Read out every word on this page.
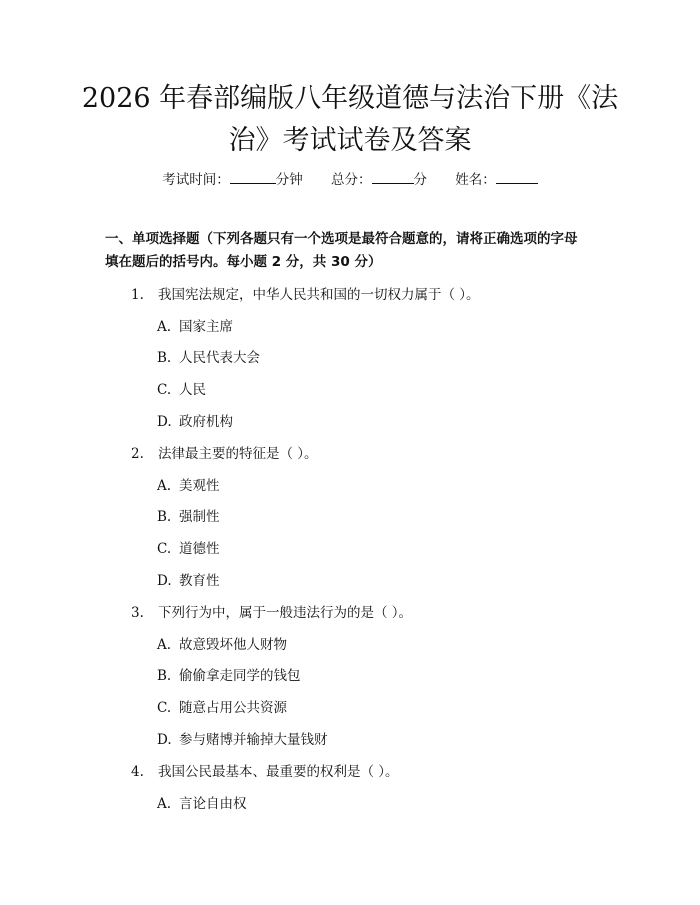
2026 年春部编版八年级道德与法治下册《法
治》考试试卷及答案
考试时间：	分钟 总分：	分 姓名：
一、单项选择题（下列各题只有一个选项是最符合题意的，请将正确选项的字母
填在题后的括号内。每小题 2 分，共 30 分）
1. 我国宪法规定，中华人民共和国的一切权力属于（ ）。
A. 国家主席
B. 人民代表大会
C. 人民
D. 政府机构
2. 法律最主要的特征是（ ）。
A. 美观性
B. 强制性
C. 道德性
D. 教育性
3. 下列行为中，属于一般违法行为的是（ ）。
A. 故意毁坏他人财物
B. 偷偷拿走同学的钱包
C. 随意占用公共资源
D. 参与赌博并输掉大量钱财
4. 我国公民最基本、最重要的权利是（ ）。
A. 言论自由权
